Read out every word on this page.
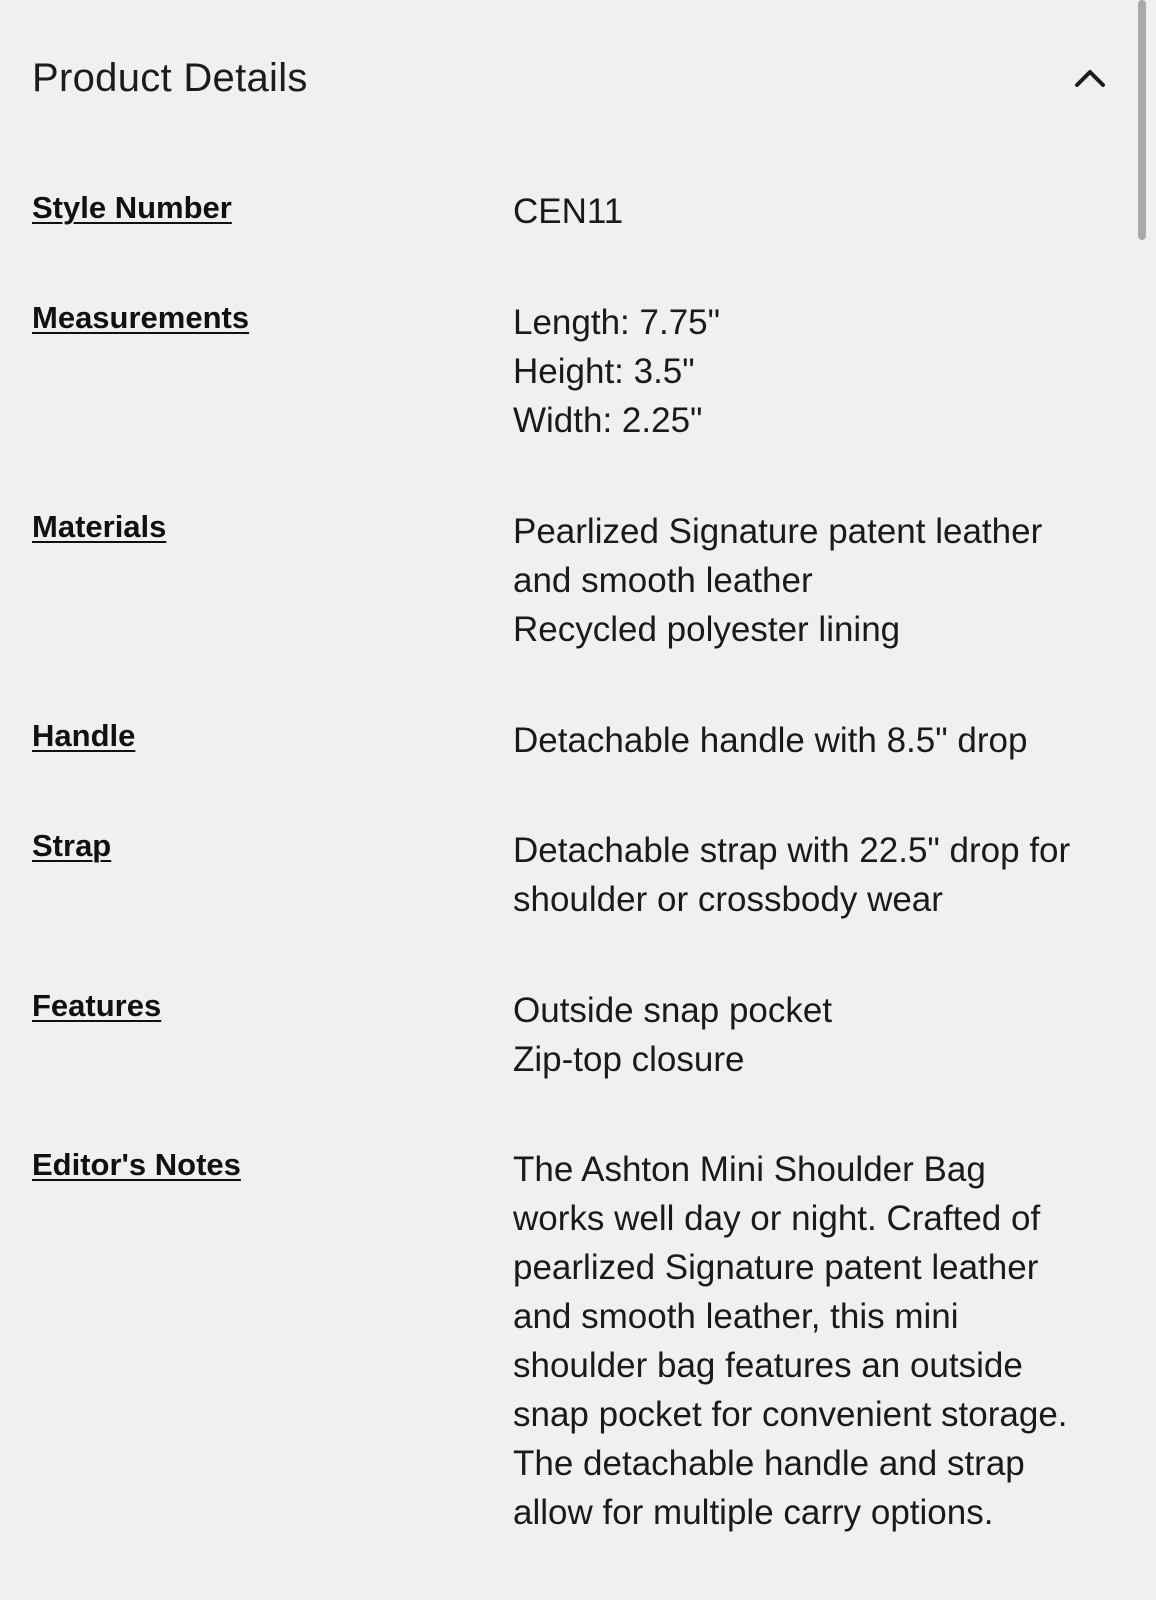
Product Details
Style Number	CEN11
Measurements	Length: 7.75"
Height: 3.5"
Width: 2.25"
Materials	Pearlized Signature patent leather
and smooth leather
Recycled polyester lining
Handle	Detachable handle with 8.5" drop
Strap	Detachable strap with 22.5" drop for
shoulder or crossbody wear
Features	Outside snap pocket
Zip-top closure
Editor's Notes	The Ashton Mini Shoulder Bag
works well day or night. Crafted of
pearlized Signature patent leather
and smooth leather, this mini
shoulder bag features an outside
snap pocket for convenient storage.
The detachable handle and strap
allow for multiple carry options.
